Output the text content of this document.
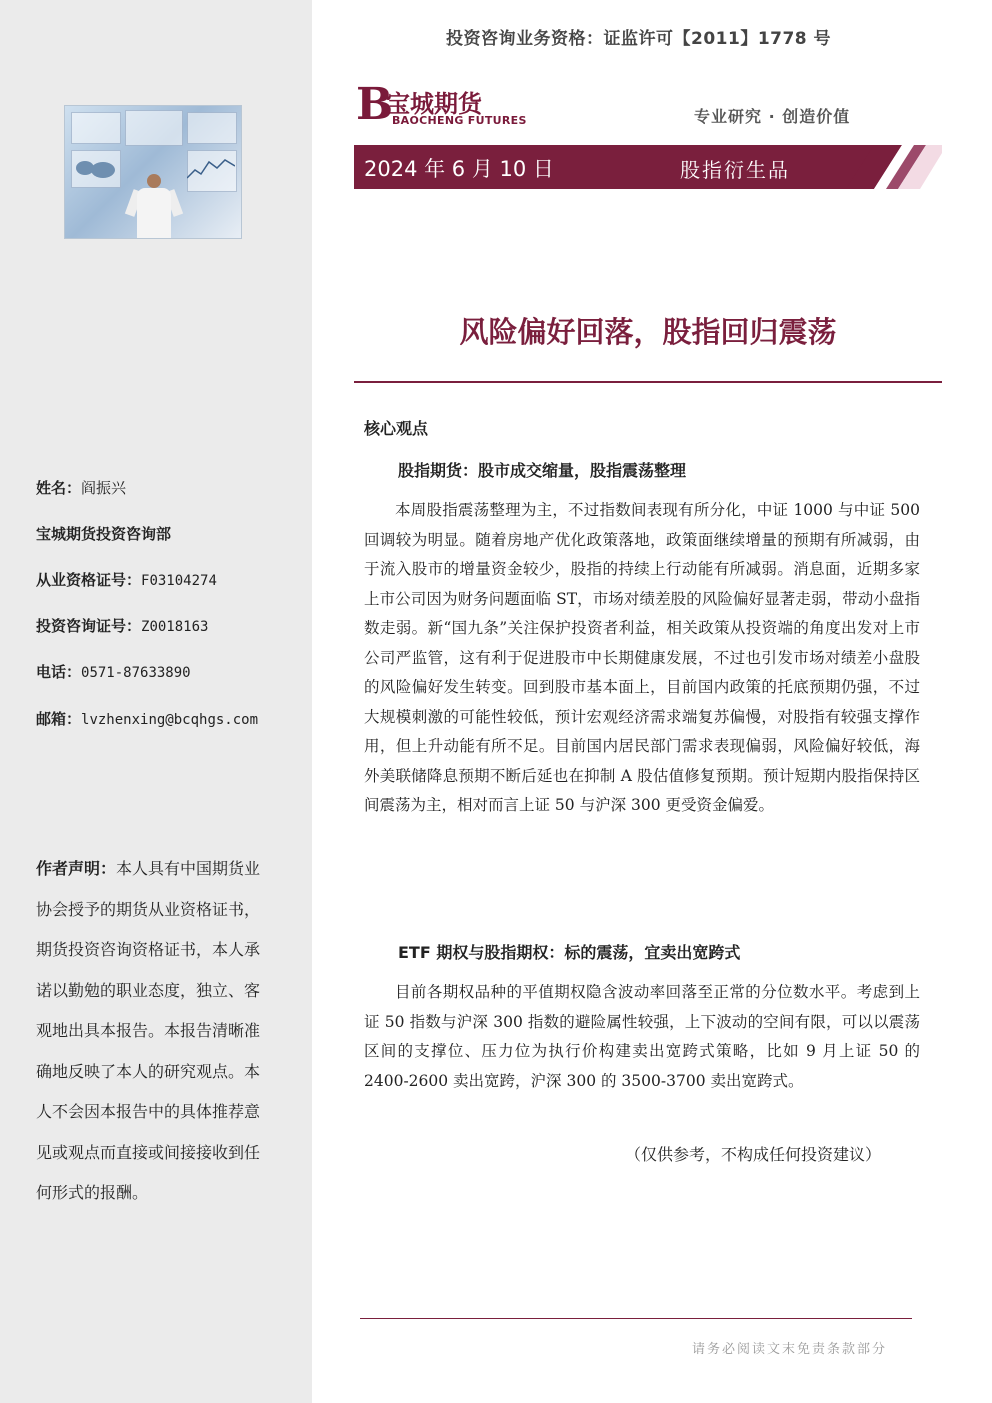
投资咨询业务资格：证监许可【2011】1778 号
B
宝城期货
BAOCHENG FUTURES	专业研究 · 创造价值
2024 年 6 月 10 日	股指衍生品
风险偏好回落，股指回归震荡
核心观点
股指期货：股市成交缩量，股指震荡整理
本周股指震荡整理为主，不过指数间表现有所分化，中证 1000 与中证 500 回调较为明显。随着房地产优化政策落地，政策面继续增量的预期有所减弱，由于流入股市的增量资金较少，股指的持续上行动能有所减弱。消息面，近期多家上市公司因为财务问题面临 ST，市场对绩差股的风险偏好显著走弱，带动小盘指数走弱。新“国九条”关注保护投资者利益，相关政策从投资端的角度出发对上市公司严监管，这有利于促进股市中长期健康发展，不过也引发市场对绩差小盘股的风险偏好发生转变。回到股市基本面上，目前国内政策的托底预期仍强，不过大规模刺激的可能性较低，预计宏观经济需求端复苏偏慢，对股指有较强支撑作用，但上升动能有所不足。目前国内居民部门需求表现偏弱，风险偏好较低，海外美联储降息预期不断后延也在抑制 A 股估值修复预期。预计短期内股指保持区间震荡为主，相对而言上证 50 与沪深 300 更受资金偏爱。
ETF 期权与股指期权：标的震荡，宜卖出宽跨式
目前各期权品种的平值期权隐含波动率回落至正常的分位数水平。考虑到上证 50 指数与沪深 300 指数的避险属性较强，上下波动的空间有限，可以以震荡区间的支撑位、压力位为执行价构建卖出宽跨式策略，比如 9 月上证 50 的 2400-2600 卖出宽跨，沪深 300 的 3500-3700 卖出宽跨式。
（仅供参考，不构成任何投资建议）
请务必阅读文末免责条款部分
姓名：阎振兴
宝城期货投资咨询部
从业资格证号：F03104274
投资咨询证号：Z0018163
电话：0571-87633890
邮箱：lvzhenxing@bcqhgs.com
作者声明：本人具有中国期货业协会授予的期货从业资格证书，期货投资咨询资格证书，本人承诺以勤勉的职业态度，独立、客观地出具本报告。本报告清晰准确地反映了本人的研究观点。本人不会因本报告中的具体推荐意见或观点而直接或间接接收到任何形式的报酬。
